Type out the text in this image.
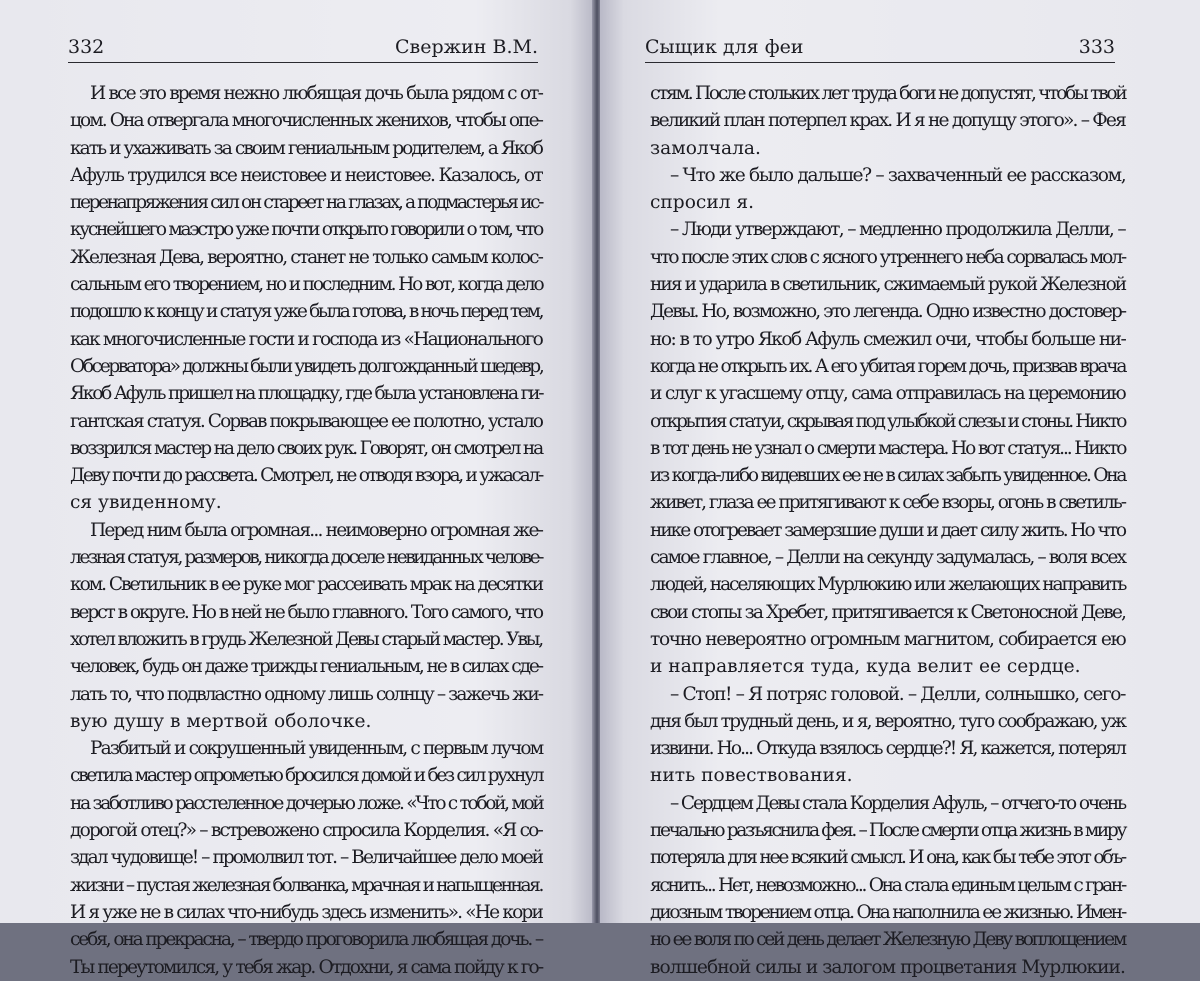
332	Свержин В.М.
И все это время нежно любящая дочь была рядом с от-
цом. Она отвергала многочисленных женихов, чтобы опе-
кать и ухаживать за своим гениальным родителем, а Якоб
Афуль трудился все неистовее и неистовее. Казалось, от
перенапряжения сил он стареет на глазах, а подмастерья ис-
куснейшего маэстро уже почти открыто говорили о том, что
Железная Дева, вероятно, станет не только самым колос-
сальным его творением, но и последним. Но вот, когда дело
подошло к концу и статуя уже была готова, в ночь перед тем,
как многочисленные гости и господа из «Национального
Обсерватора» должны были увидеть долгожданный шедевр,
Якоб Афуль пришел на площадку, где была установлена ги-
гантская статуя. Сорвав покрывающее ее полотно, устало
воззрился мастер на дело своих рук. Говорят, он смотрел на
Деву почти до рассвета. Смотрел, не отводя взора, и ужасал-
ся увиденному.
Перед ним была огромная... неимоверно огромная же-
лезная статуя, размеров, никогда доселе невиданных челове-
ком. Светильник в ее руке мог рассеивать мрак на десятки
верст в округе. Но в ней не было главного. Того самого, что
хотел вложить в грудь Железной Девы старый мастер. Увы,
человек, будь он даже трижды гениальным, не в силах сде-
лать то, что подвластно одному лишь солнцу – зажечь жи-
вую душу в мертвой оболочке.
Разбитый и сокрушенный увиденным, с первым лучом
светила мастер опрометью бросился домой и без сил рухнул
на заботливо расстеленное дочерью ложе. «Что с тобой, мой
дорогой отец?» – встревожено спросила Корделия. «Я со-
здал чудовище! – промолвил тот. – Величайшее дело моей
жизни – пустая железная болванка, мрачная и напыщенная.
И я уже не в силах что-нибудь здесь изменить». «Не кори
себя, она прекрасна, – твердо проговорила любящая дочь. –
Ты переутомился, у тебя жар. Отдохни, я сама пойду к го-
Сыщик для феи	333
стям. После стольких лет труда боги не допустят, чтобы твой
великий план потерпел крах. И я не допущу этого». – Фея
замолчала.
– Что же было дальше? – захваченный ее рассказом,
спросил я.
– Люди утверждают, – медленно продолжила Делли, –
что после этих слов с ясного утреннего неба сорвалась мол-
ния и ударила в светильник, сжимаемый рукой Железной
Девы. Но, возможно, это легенда. Одно известно достовер-
но: в то утро Якоб Афуль смежил очи, чтобы больше ни-
когда не открыть их. А его убитая горем дочь, призвав врача
и слуг к угасшему отцу, сама отправилась на церемонию
открытия статуи, скрывая под улыбкой слезы и стоны. Никто
в тот день не узнал о смерти мастера. Но вот статуя... Никто
из когда-либо видевших ее не в силах забыть увиденное. Она
живет, глаза ее притягивают к себе взоры, огонь в светиль-
нике отогревает замерзшие души и дает силу жить. Но что
самое главное, – Делли на секунду задумалась, – воля всех
людей, населяющих Мурлюкию или желающих направить
свои стопы за Хребет, притягивается к Светоносной Деве,
точно невероятно огромным магнитом, собирается ею
и направляется туда, куда велит ее сердце.
– Стоп! – Я потряс головой. – Делли, солнышко, сего-
дня был трудный день, и я, вероятно, туго соображаю, уж
извини. Но... Откуда взялось сердце?! Я, кажется, потерял
нить повествования.
– Сердцем Девы стала Корделия Афуль, – отчего-то очень
печально разъяснила фея. – После смерти отца жизнь в миру
потеряла для нее всякий смысл. И она, как бы тебе этот объ-
яснить... Нет, невозможно... Она стала единым целым с гран-
диозным творением отца. Она наполнила ее жизнью. Имен-
но ее воля по сей день делает Железную Деву воплощением
волшебной силы и залогом процветания Мурлюкии.
